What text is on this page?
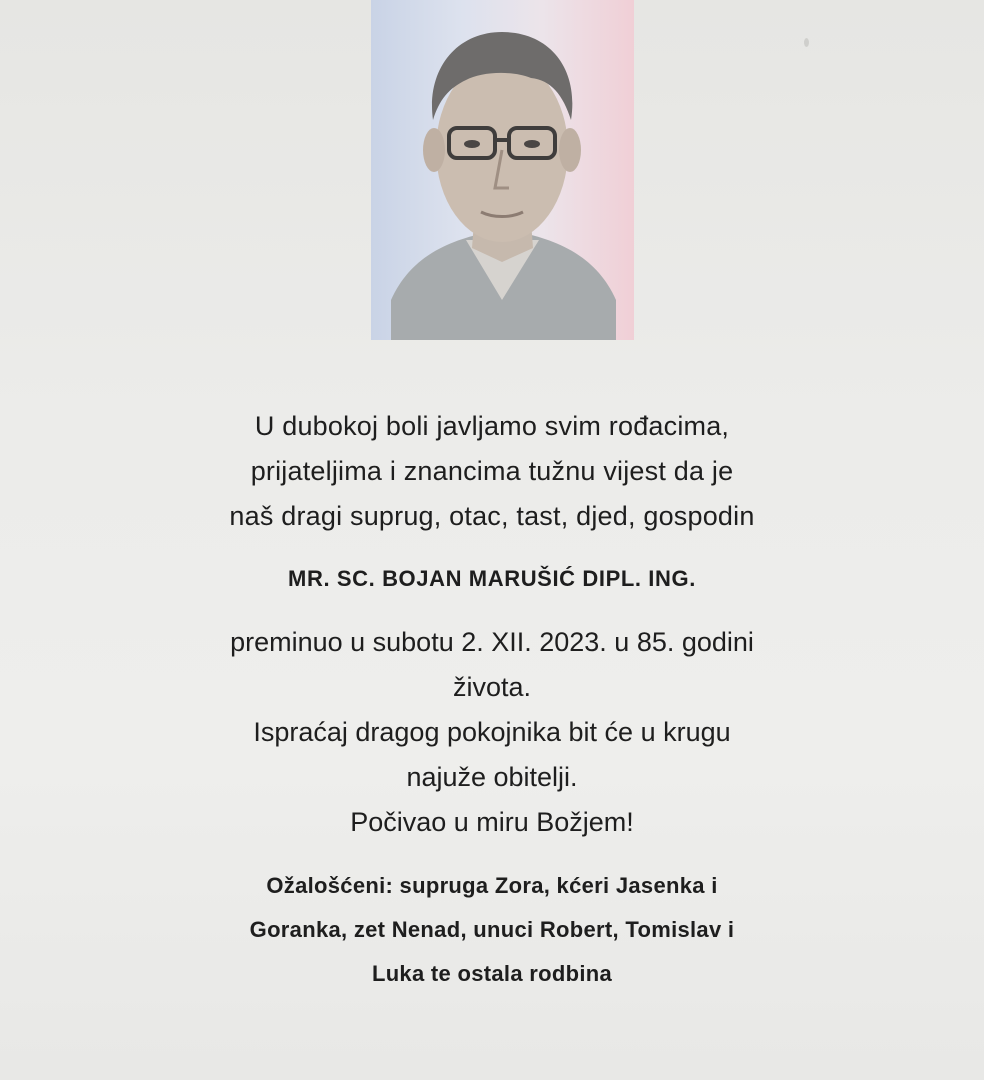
U dubokoj boli javljamo svim rođacima,
prijateljima i znancima tužnu vijest da je
naš dragi suprug, otac, tast, djed, gospodin
MR. SC. BOJAN MARUŠIĆ DIPL. ING.
preminuo u subotu 2. XII. 2023. u 85. godini
života.
Ispraćaj dragog pokojnika bit će u krugu
najuže obitelji.
Počivao u miru Božjem!
Ožalošćeni: supruga Zora, kćeri Jasenka i
Goranka, zet Nenad, unuci Robert, Tomislav i
Luka te ostala rodbina
